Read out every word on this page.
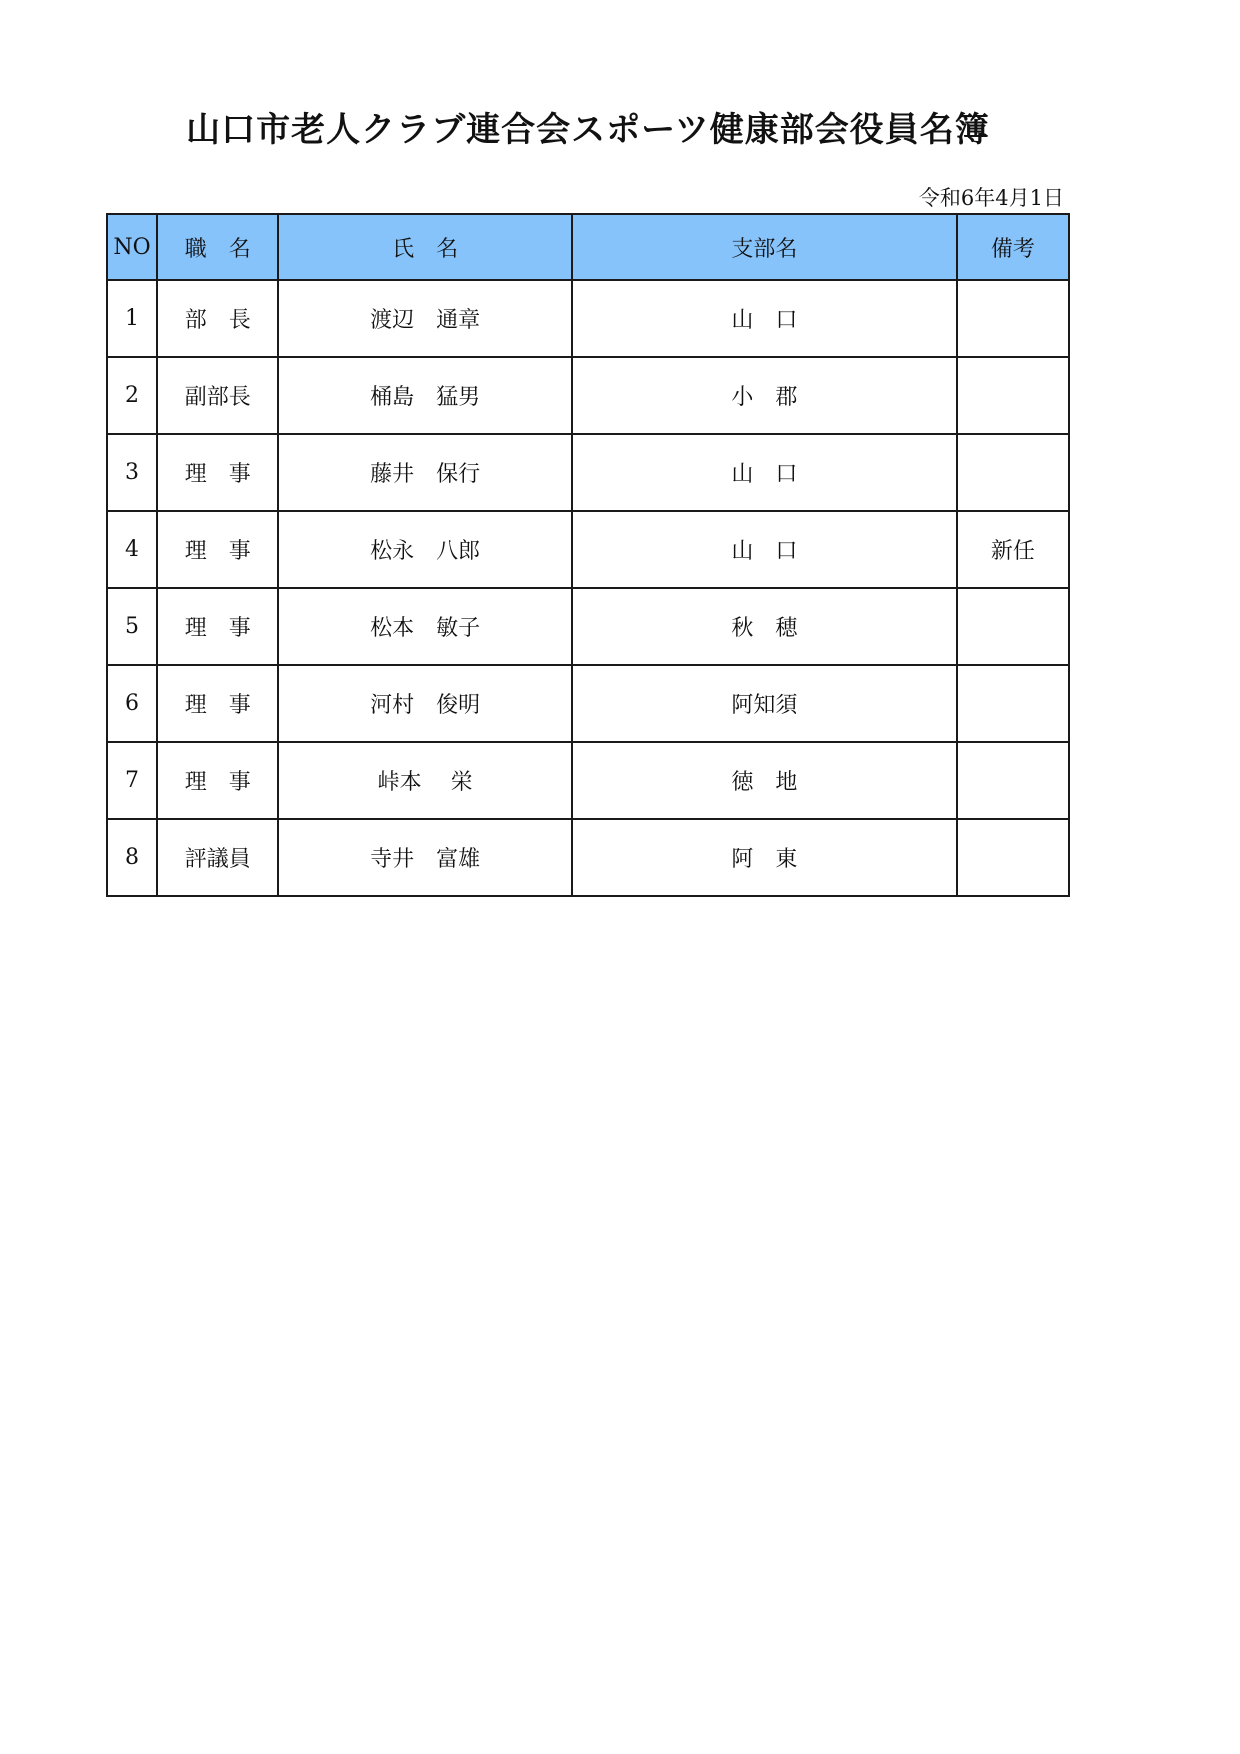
山口市老人クラブ連合会スポーツ健康部会役員名簿
令和6年4月1日
NO	職　名	氏　名	支部名	備考
1	部　長	渡辺　通章	山　口	
2	副部長	桶島　猛男	小　郡	
3	理　事	藤井　保行	山　口	
4	理　事	松永　八郎	山　口	新任
5	理　事	松本　敏子	秋　穂	
6	理　事	河村　俊明	阿知須	
7	理　事	峠本　 栄	徳　地	
8	評議員	寺井　富雄	阿　東	
